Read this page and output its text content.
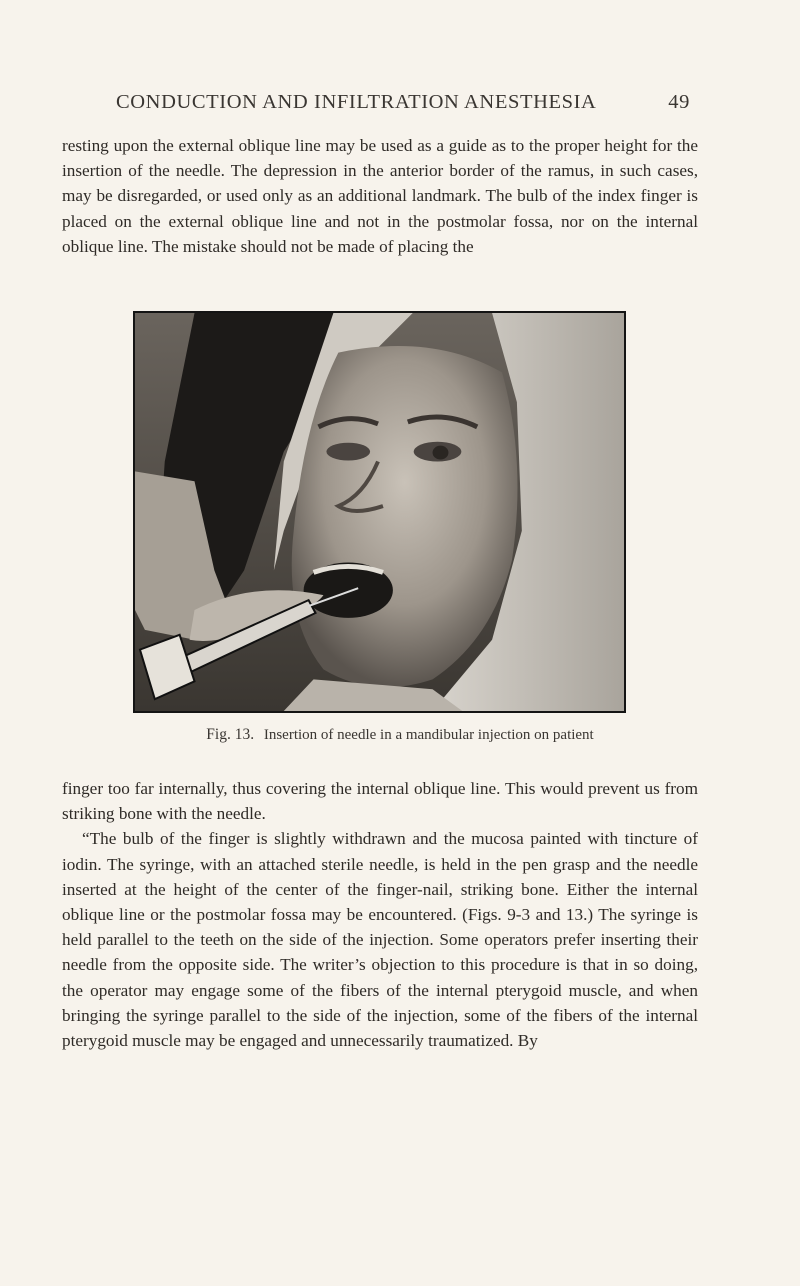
CONDUCTION AND INFILTRATION ANESTHESIA	49

resting upon the external oblique line may be used as a guide as to the proper height for the insertion of the needle. The depression in the anterior border of the ramus, in such cases, may be disregarded, or used only as an additional landmark. The bulb of the index finger is placed on the external oblique line and not in the postmolar fossa, nor on the internal oblique line. The mistake should not be made of placing the

Fig. 13. Insertion of needle in a mandibular injection on patient

finger too far internally, thus covering the internal oblique line. This would prevent us from striking bone with the needle.

“The bulb of the finger is slightly withdrawn and the mucosa painted with tincture of iodin. The syringe, with an attached sterile needle, is held in the pen grasp and the needle inserted at the height of the center of the finger-nail, striking bone. Either the internal oblique line or the postmolar fossa may be encountered. (Figs. 9-3 and 13.) The syringe is held parallel to the teeth on the side of the injection. Some operators prefer inserting their needle from the opposite side. The writer’s objection to this procedure is that in so doing, the operator may engage some of the fibers of the internal pterygoid muscle, and when bringing the syringe parallel to the side of the injection, some of the fibers of the internal pterygoid muscle may be engaged and unnecessarily traumatized. By
